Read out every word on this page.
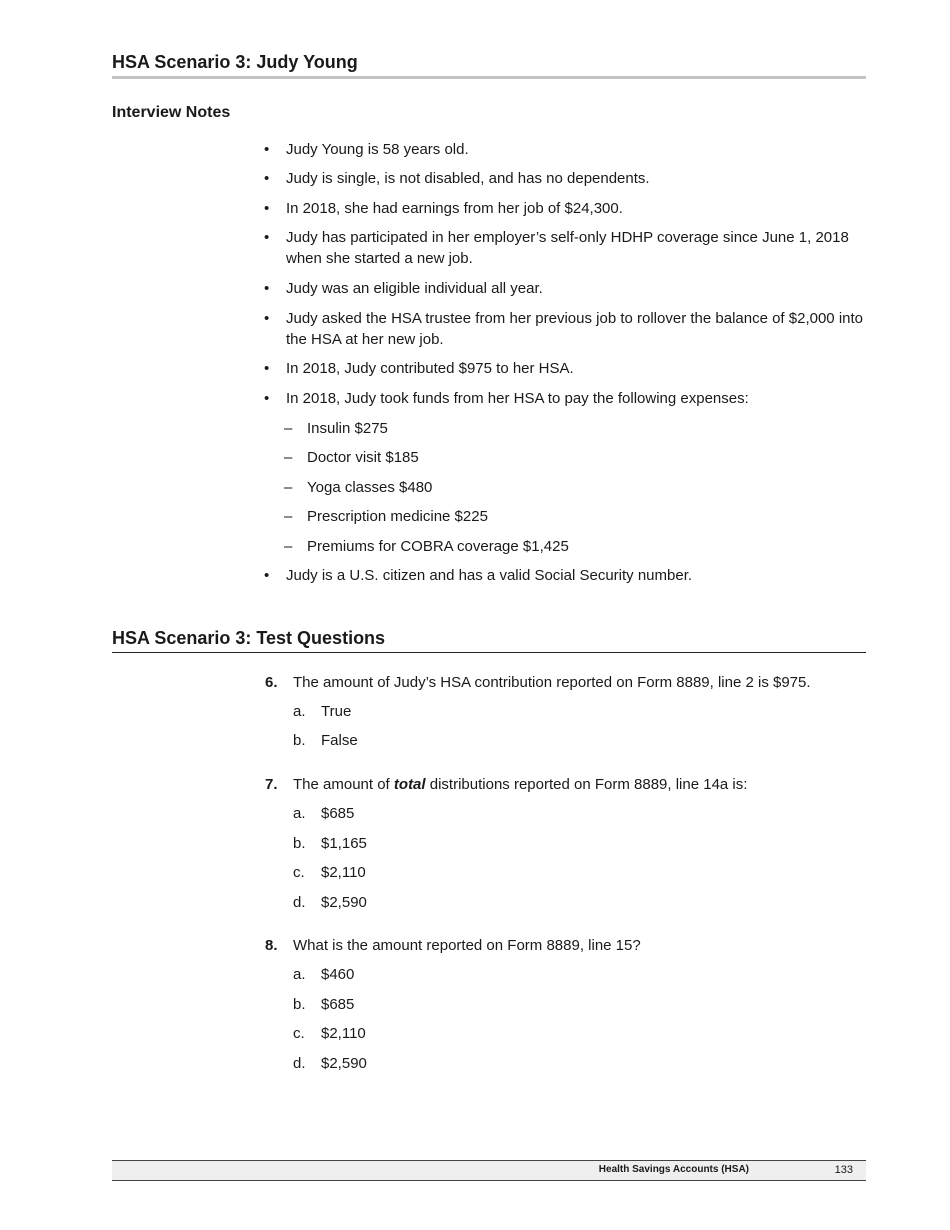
HSA Scenario 3: Judy Young
Interview Notes
•	Judy Young is 58 years old.
•	Judy is single, is not disabled, and has no dependents.
•	In 2018, she had earnings from her job of $24,300.
•	Judy has participated in her employer’s self-only HDHP coverage since June 1, 2018 when she started a new job.
•	Judy was an eligible individual all year.
•	Judy asked the HSA trustee from her previous job to rollover the balance of $2,000 into the HSA at her new job.
•	In 2018, Judy contributed $975 to her HSA.
•	In 2018, Judy took funds from her HSA to pay the following expenses:
– Insulin $275
– Doctor visit $185
– Yoga classes $480
– Prescription medicine $225
– Premiums for COBRA coverage $1,425
•	Judy is a U.S. citizen and has a valid Social Security number.
HSA Scenario 3: Test Questions
6. The amount of Judy’s HSA contribution reported on Form 8889, line 2 is $975.
a. True
b. False
7. The amount of total distributions reported on Form 8889, line 14a is:
a. $685
b. $1,165
c. $2,110
d. $2,590
8. What is the amount reported on Form 8889, line 15?
a. $460
b. $685
c. $2,110
d. $2,590
Health Savings Accounts (HSA)	133
